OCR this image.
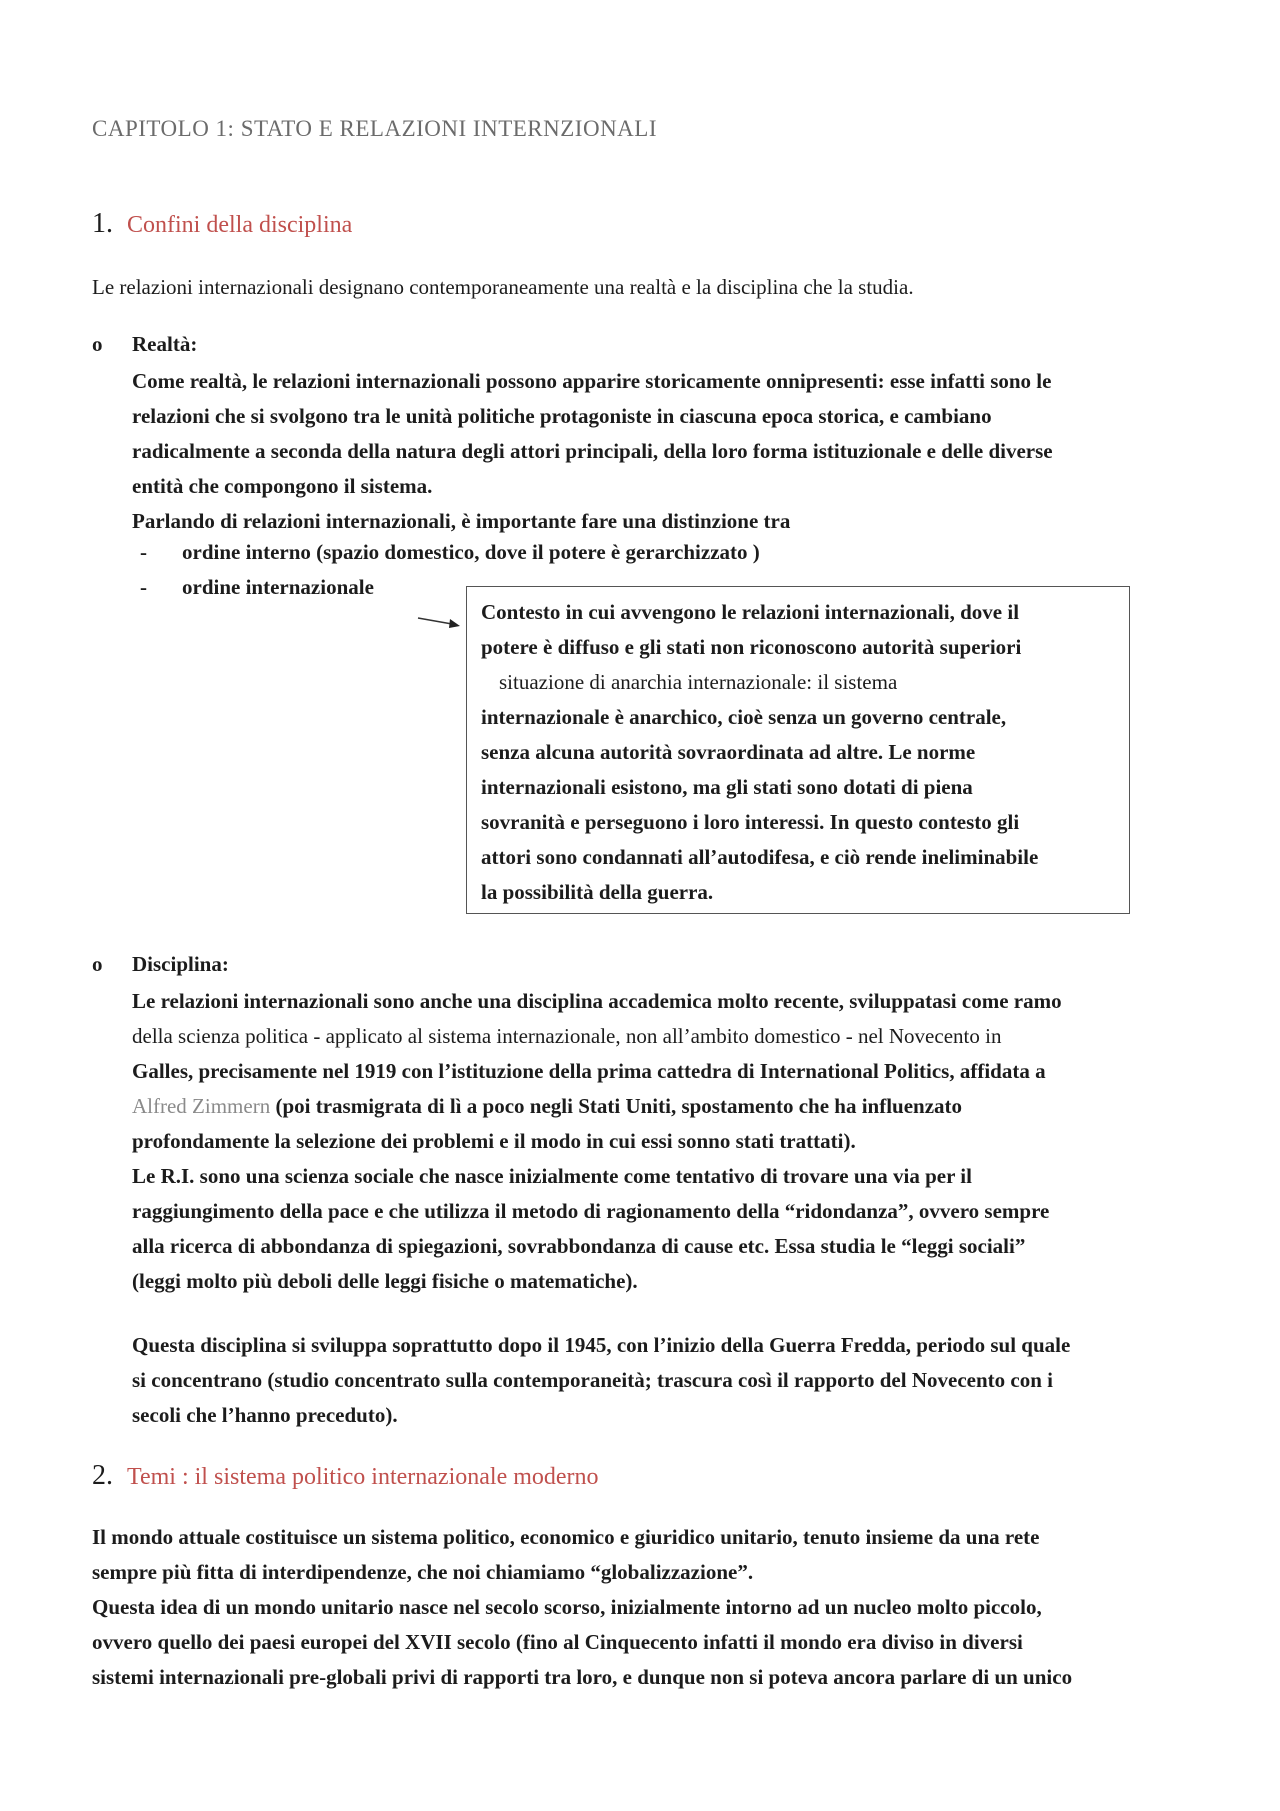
CAPITOLO 1: STATO E RELAZIONI INTERNZIONALI
1. Confini della disciplina

Le relazioni internazionali designano contemporaneamente una realtà e la disciplina che la studia.

o Realtà:

Come realtà, le relazioni internazionali possono apparire storicamente onnipresenti: esse infatti sono le
relazioni che si svolgono tra le unità politiche protagoniste in ciascuna epoca storica, e cambiano
radicalmente a seconda della natura degli attori principali, della loro forma istituzionale e delle diverse
entità che compongono il sistema.
Parlando di relazioni internazionali, è importante fare una distinzione tra

- ordine interno (spazio domestico, dove il potere è gerarchizzato )
- ordine internazionale
Contesto in cui avvengono le relazioni internazionali, dove il
potere è diffuso e gli stati non riconoscono autorità superiori
situazione di anarchia internazionale: il sistema
internazionale è anarchico, cioè senza un governo centrale,
senza alcuna autorità sovraordinata ad altre. Le norme
internazionali esistono, ma gli stati sono dotati di piena
sovranità e perseguono i loro interessi. In questo contesto gli
attori sono condannati all’autodifesa, e ciò rende ineliminabile
la possibilità della guerra.
o Disciplina:

Le relazioni internazionali sono anche una disciplina accademica molto recente, sviluppatasi come ramo
della scienza politica - applicato al sistema internazionale, non all’ambito domestico - nel Novecento in
Galles, precisamente nel 1919 con l’istituzione della prima cattedra di International Politics, affidata a
Alfred Zimmern (poi trasmigrata di lì a poco negli Stati Uniti, spostamento che ha influenzato
profondamente la selezione dei problemi e il modo in cui essi sonno stati trattati).
Le R.I. sono una scienza sociale che nasce inizialmente come tentativo di trovare una via per il
raggiungimento della pace e che utilizza il metodo di ragionamento della “ridondanza”, ovvero sempre
alla ricerca di abbondanza di spiegazioni, sovrabbondanza di cause etc. Essa studia le “leggi sociali”
(leggi molto più deboli delle leggi fisiche o matematiche).

Questa disciplina si sviluppa soprattutto dopo il 1945, con l’inizio della Guerra Fredda, periodo sul quale
si concentrano (studio concentrato sulla contemporaneità; trascura così il rapporto del Novecento con i
secoli che l’hanno preceduto).

2. Temi : il sistema politico internazionale moderno

Il mondo attuale costituisce un sistema politico, economico e giuridico unitario, tenuto insieme da una rete
sempre più fitta di interdipendenze, che noi chiamiamo “globalizzazione”.
Questa idea di un mondo unitario nasce nel secolo scorso, inizialmente intorno ad un nucleo molto piccolo,
ovvero quello dei paesi europei del XVII secolo (fino al Cinquecento infatti il mondo era diviso in diversi
sistemi internazionali pre-globali privi di rapporti tra loro, e dunque non si poteva ancora parlare di un unico
